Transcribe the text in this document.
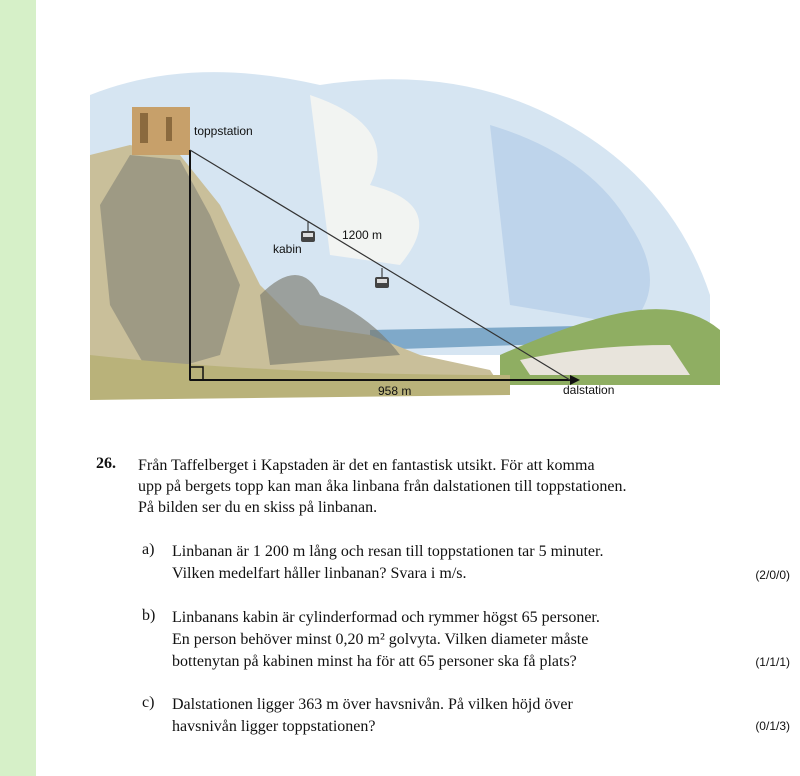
toppstation
kabin
1200 m
958 m	dalstation
26. Från Taffelberget i Kapstaden är det en fantastisk utsikt. För att komma
upp på bergets topp kan man åka linbana från dalstationen till toppstationen.
På bilden ser du en skiss på linbanan.
a) Linbanan är 1 200 m lång och resan till toppstationen tar 5 minuter.
Vilken medelfart håller linbanan? Svara i m/s.	(2/0/0)
b) Linbanans kabin är cylinderformad och rymmer högst 65 personer.
En person behöver minst 0,20 m² golvyta. Vilken diameter måste
bottenytan på kabinen minst ha för att 65 personer ska få plats?	(1/1/1)
c) Dalstationen ligger 363 m över havsnivån. På vilken höjd över
havsnivån ligger toppstationen?	(0/1/3)
